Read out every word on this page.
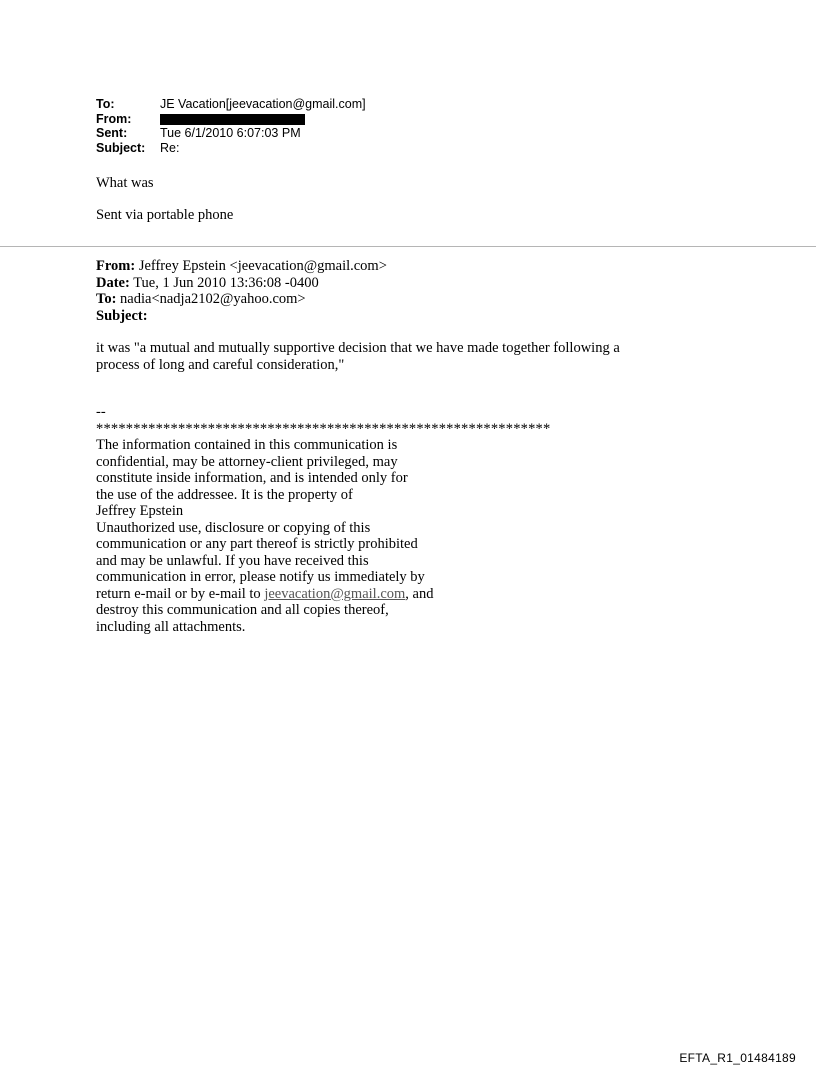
To:	JE Vacation[jeevacation@gmail.com]
From:
Sent:	Tue 6/1/2010 6:07:03 PM
Subject:	Re:

What was

Sent via portable phone

From: Jeffrey Epstein <jeevacation@gmail.com>
Date: Tue, 1 Jun 2010 13:36:08 -0400
To: nadia<nadja2102@yahoo.com>
Subject:
it was "a mutual and mutually supportive decision that we have made together following a
process of long and careful consideration,"
--
*************************************************************
The information contained in this communication is
confidential, may be attorney-client privileged, may
constitute inside information, and is intended only for
the use of the addressee. It is the property of
Jeffrey Epstein
Unauthorized use, disclosure or copying of this
communication or any part thereof is strictly prohibited
and may be unlawful. If you have received this
communication in error, please notify us immediately by
return e-mail or by e-mail to jeevacation@gmail.com, and
destroy this communication and all copies thereof,
including all attachments.
EFTA_R1_01484189
